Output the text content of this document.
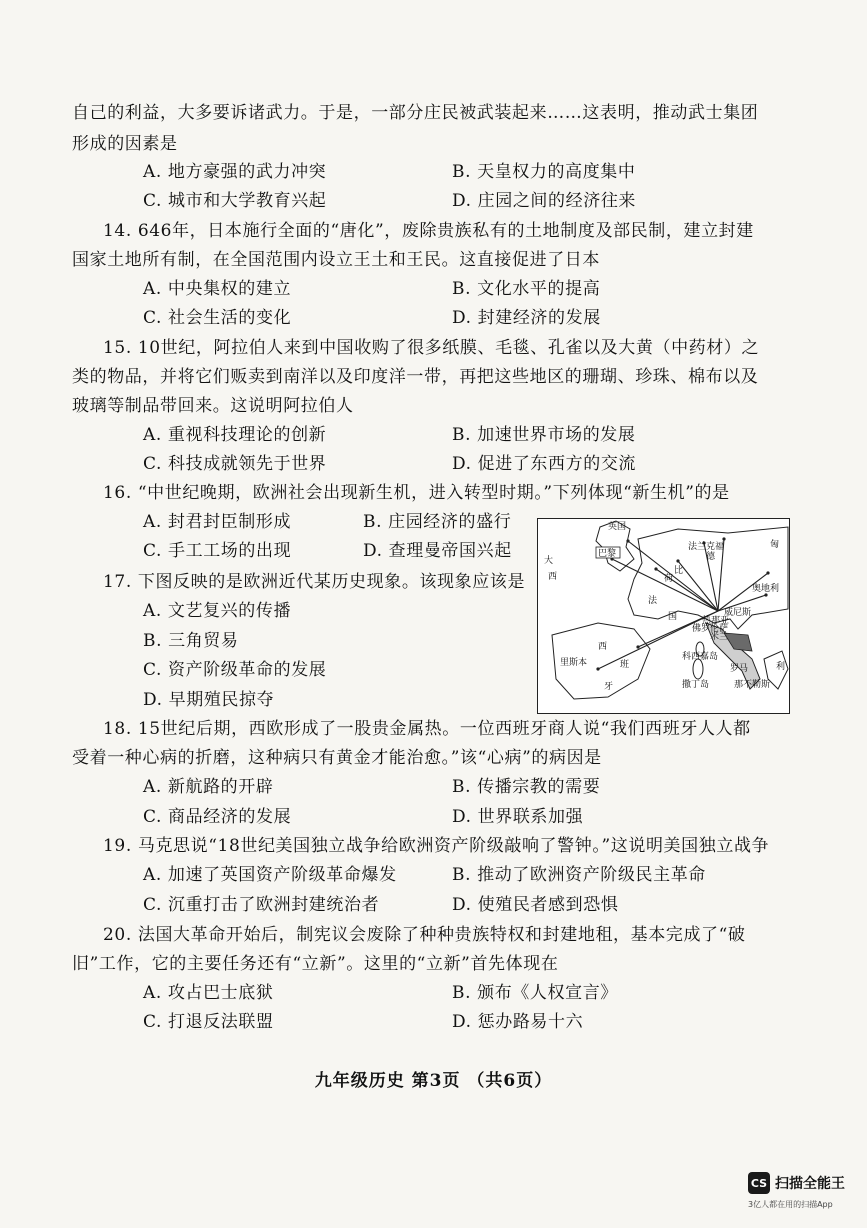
自己的利益，大多要诉诸武力。于是，一部分庄民被武装起来……这表明，推动武士集团
形成的因素是
A. 地方豪强的武力冲突	B. 天皇权力的高度集中
C. 城市和大学教育兴起	D. 庄园之间的经济往来
14. 646年，日本施行全面的“唐化”，废除贵族私有的土地制度及部民制，建立封建
国家土地所有制，在全国范围内设立王土和王民。这直接促进了日本
A. 中央集权的建立	B. 文化水平的提高
C. 社会生活的变化	D. 封建经济的发展
15. 10世纪，阿拉伯人来到中国收购了很多纸膜、毛毯、孔雀以及大黄（中药材）之
类的物品，并将它们贩卖到南洋以及印度洋一带，再把这些地区的珊瑚、珍珠、棉布以及
玻璃等制品带回来。这说明阿拉伯人
A. 重视科技理论的创新	B. 加速世界市场的发展
C. 科技成就领先于世界	D. 促进了东西方的交流
16. “中世纪晚期，欧洲社会出现新生机，进入转型时期。”下列体现“新生机”的是
A. 封君封臣制形成	B. 庄园经济的盛行
C. 手工工场的出现	D. 查理曼帝国兴起
17. 下图反映的是欧洲近代某历史现象。该现象应该是
A. 文艺复兴的传播
B. 三角贸易
C. 资产阶级革命的发展
D. 早期殖民掠夺
英国
巴黎	德
法
国
西
班
牙
大
荷
比
匈
奥地利
佛罗伦萨
罗马
那不勒斯
利
撒丁岛
科西嘉岛
威尼斯
米兰
热那亚
里斯本
法兰克福
西
18. 15世纪后期，西欧形成了一股贵金属热。一位西班牙商人说“我们西班牙人人都
受着一种心病的折磨，这种病只有黄金才能治愈。”该“心病”的病因是
A. 新航路的开辟	B. 传播宗教的需要
C. 商品经济的发展	D. 世界联系加强
19. 马克思说“18世纪美国独立战争给欧洲资产阶级敲响了警钟。”这说明美国独立战争
A. 加速了英国资产阶级革命爆发	B. 推动了欧洲资产阶级民主革命
C. 沉重打击了欧洲封建统治者	D. 使殖民者感到恐惧
20. 法国大革命开始后，制宪议会废除了种种贵族特权和封建地租，基本完成了“破
旧”工作，它的主要任务还有“立新”。这里的“立新”首先体现在
A. 攻占巴士底狱	B. 颁布《人权宣言》
C. 打退反法联盟	D. 惩办路易十六
九年级历史 第3页 （共6页）
CS 扫描全能王
3亿人都在用的扫描App
